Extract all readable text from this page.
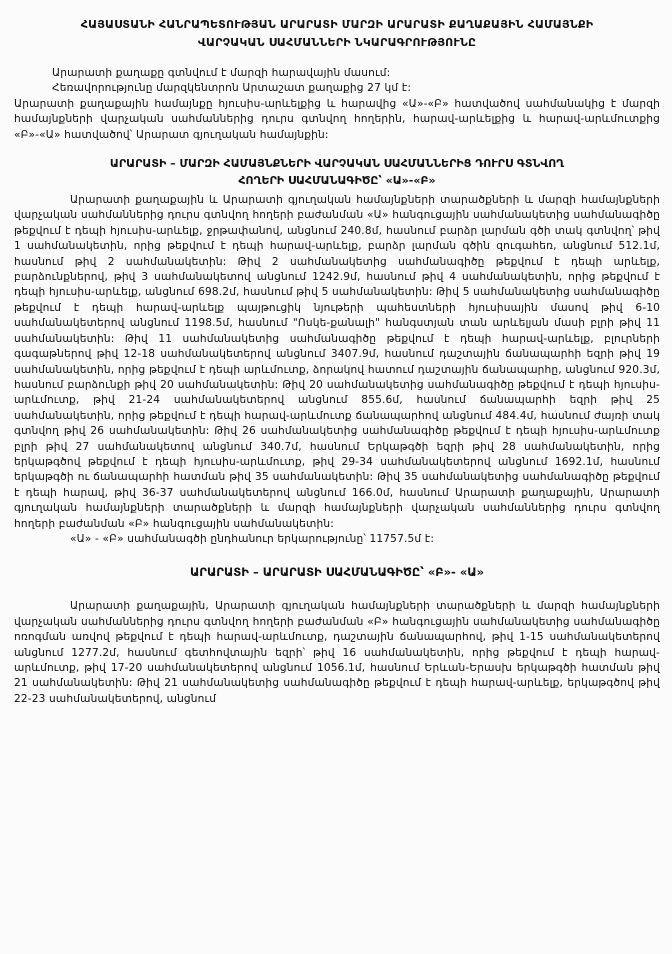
ՀԱՅԱՍՏԱՆԻ ՀԱՆՐԱՊԵՏՈՒԹՅԱՆ ԱՐԱՐԱՏԻ ՄԱՐԶԻ ԱՐԱՐԱՏԻ ՔԱՂԱՔԱՅԻՆ ՀԱՄԱՅՆՔԻ
ՎԱՐՉԱԿԱՆ ՍԱՀՄԱՆՆԵՐԻ ՆԿԱՐԱԳՐՈՒԹՅՈՒՆԸ

Արարատի քաղաքը գտնվում է մարզի հարավային մասում:

Հեռավորությունը մարզկենտրոն Արտաշատ քաղաքից 27 կմ է:

Արարատի քաղաքային համայնքը հյուսիս-արևելքից և հարավից «Ա»-«Բ» հատվածով սահմանակից է մարզի համայնքների վարչական սահմաններից դուրս գտնվող հողերին, հարավ-արևելքից և հարավ-արևմուտքից «Բ»-«Ա» հատվածով՝ Արարատ գյուղական համայնքին:

ԱՐԱՐԱՏԻ – ՄԱՐԶԻ ՀԱՄԱՅՆՔՆԵՐԻ ՎԱՐՉԱԿԱՆ ՍԱՀՄԱՆՆԵՐԻՑ ԴՈՒՐՍ ԳՏՆՎՈՂ
ՀՈՂԵՐԻ ՍԱՀՄԱՆԱԳԻԾԸ՝ «Ա»-«Բ»

Արարատի քաղաքային և Արարատի գյուղական համայնքների տարածքների և մարզի համայնքների վարչական սահմաններից դուրս գտնվող հողերի բաժանման «Ա» հանգուցային սահմանակետից սահմանագիծը թեքվում է դեպի հյուսիս-արևելք, ջրթափանով, անցնում 240.8մ, հասնում բարձր լարման գծի տակ գտնվող՝ թիվ 1 սահմանակետին, որից թեքվում է դեպի հարավ-արևելք, բարձր լարման գծին զուգահեռ, անցնում 512.1մ, հասնում թիվ 2 սահմանակետին: Թիվ 2 սահմանակետից սահմանագիծը թեքվում է դեպի արևելք, բարձունքներով, թիվ 3 սահմանակետով անցնում 1242.9մ, հասնում թիվ 4 սահմանակետին, որից թեքվում է դեպի հյուսիս-արևելք, անցնում 698.2մ, հասնում թիվ 5 սահմանակետին: Թիվ 5 սահմանակետից սահմանագիծը թեքվում է դեպի հարավ-արևելք պայթուցիկ նյութերի պահեստների հյուսիսային մասով թիվ 6-10 սահմանակետերով անցնում 1198.5մ, հասնում "Ոսկե-քանալի" հանգստյան տան արևելյան մասի բլրի թիվ 11 սահմանակետին: Թիվ 11 սահմանակետից սահմանագիծը թեքվում է դեպի հարավ-արևելք, բլուրների գագաթներով թիվ 12-18 սահմանակետերով անցնում 3407.9մ, հասնում դաշտային ճանապարհի եզրի թիվ 19 սահմանակետին, որից թեքվում է դեպի արևմուտք, ձորակով հատում դաշտային ճանապարհը, անցնում 920.3մ, հասնում բարձունքի թիվ 20 սահմանակետին: Թիվ 20 սահմանակետից սահմանագիծը թեքվում է դեպի հյուսիս-արևմուտք, թիվ 21-24 սահմանակետերով անցնում 855.6մ, հասնում ճանապարհի եզրի թիվ 25 սահմանակետին, որից թեքվում է դեպի հարավ-արևմուտք ճանապարհով անցնում 484.4մ, հասնում ժայռի տակ գտնվող թիվ 26 սահմանակետին: Թիվ 26 սահմանակետից սահմանագիծը թեքվում է դեպի հյուսիս-արևմուտք բլրի թիվ 27 սահմանակետով անցնում 340.7մ, հասնում Երկաթգծի եզրի թիվ 28 սահմանակետին, որից երկաթգծով թեքվում է դեպի հյուսիս-արևմուտք, թիվ 29-34 սահմանակետերով անցնում 1692.1մ, հասնում երկաթգծի ու ճանապարհի հատման թիվ 35 սահմանակետին: Թիվ 35 սահմանակետից սահմանագիծը թեքվում է դեպի հարավ, թիվ 36-37 սահմանակետերով անցնում 166.0մ, հասնում Արարատի քաղաքային, Արարատի գյուղական համայնքների տարածքների և մարզի համայնքների վարչական սահմաններից դուրս գտնվող հողերի բաժանման «Բ» հանգուցային սահմանակետին:

«Ա» - «Բ» սահմանագծի ընդհանուր երկարությունը՝ 11757.5մ է:

ԱՐԱՐԱՏԻ – ԱՐԱՐԱՏԻ ՍԱՀՄԱՆԱԳԻԾԸ՝ «Բ»- «Ա»

Արարատի քաղաքային, Արարատի գյուղական համայնքների տարածքների և մարզի համայնքների վարչական սահմաններից դուրս գտնվող հողերի բաժանման «Բ» հանգուցային սահմանակետից սահմանագիծը ոռոգման առվով թեքվում է դեպի հարավ-արևմուտք, դաշտային ճանապարհով, թիվ 1-15 սահմանակետերով անցնում 1277.2մ, հասնում գետհովտային եզրի՝ թիվ 16 սահմանակետին, որից թեքվում է դեպի հարավ-արևմուտք, թիվ 17-20 սահմանակետերով անցնում 1056.1մ, հասնում Երևան-Երասխ երկաթգծի հատման թիվ 21 սահմանակետին: Թիվ 21 սահմանակետից սահմանագիծը թեքվում է դեպի հարավ-արևելք, երկաթգծով թիվ 22-23 սահմանակետերով, անցնում
